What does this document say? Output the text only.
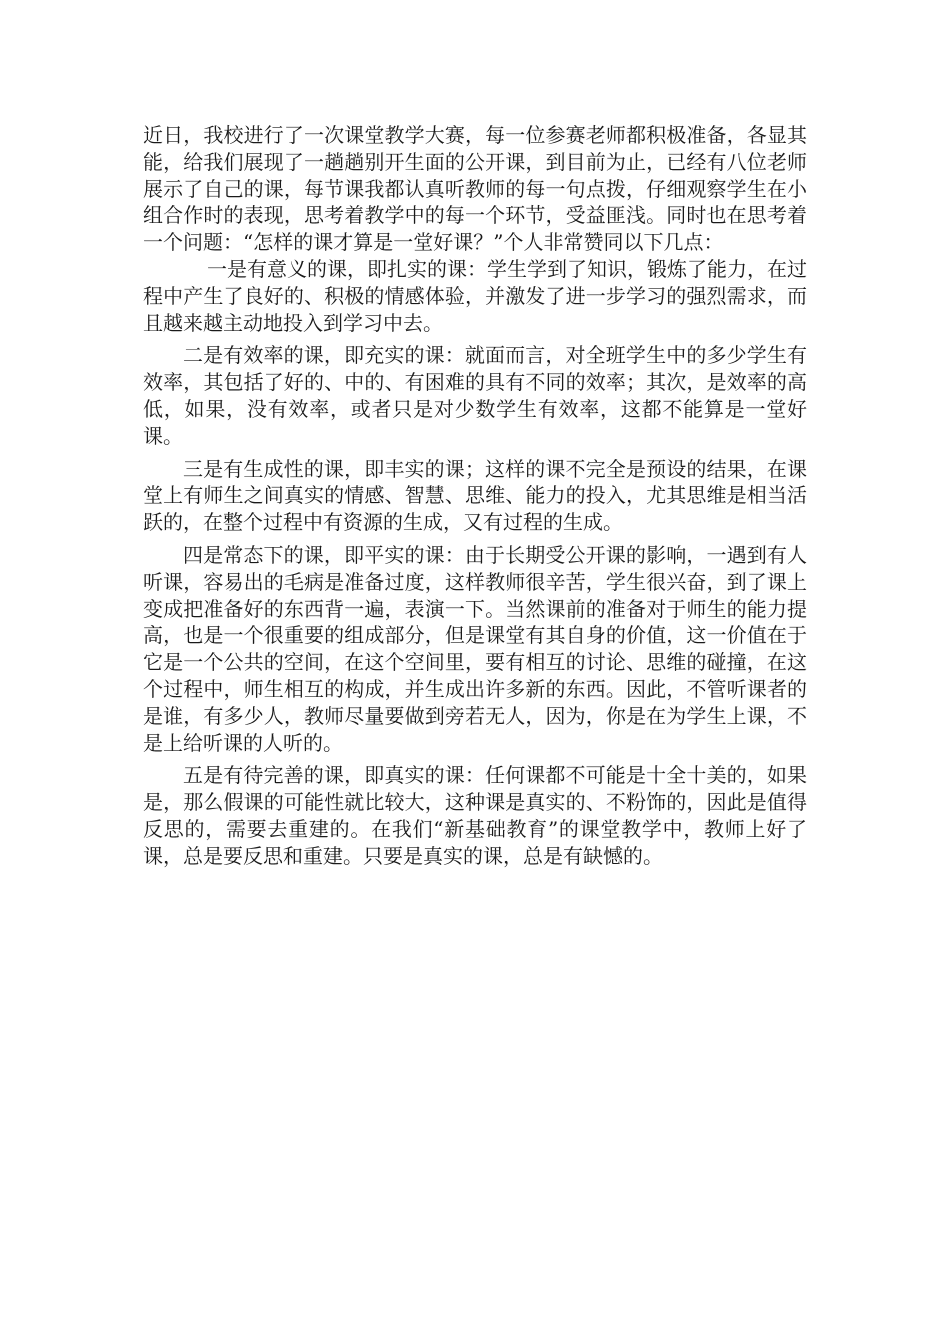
近日，我校进行了一次课堂教学大赛，每一位参赛老师都积极准备，各显其能，给我们展现了一趟趟别开生面的公开课，到目前为止，已经有八位老师展示了自己的课，每节课我都认真听教师的每一句点拨，仔细观察学生在小组合作时的表现，思考着教学中的每一个环节，受益匪浅。同时也在思考着一个问题：“怎样的课才算是一堂好课？”个人非常赞同以下几点：

一是有意义的课，即扎实的课：学生学到了知识，锻炼了能力，在过程中产生了良好的、积极的情感体验，并激发了进一步学习的强烈需求，而且越来越主动地投入到学习中去。

二是有效率的课，即充实的课：就面而言，对全班学生中的多少学生有效率，其包括了好的、中的、有困难的具有不同的效率；其次，是效率的高低，如果，没有效率，或者只是对少数学生有效率，这都不能算是一堂好课。

三是有生成性的课，即丰实的课；这样的课不完全是预设的结果，在课堂上有师生之间真实的情感、智慧、思维、能力的投入，尤其思维是相当活跃的，在整个过程中有资源的生成，又有过程的生成。

四是常态下的课，即平实的课：由于长期受公开课的影响，一遇到有人听课，容易出的毛病是准备过度，这样教师很辛苦，学生很兴奋，到了课上变成把准备好的东西背一遍，表演一下。当然课前的准备对于师生的能力提高，也是一个很重要的组成部分，但是课堂有其自身的价值，这一价值在于它是一个公共的空间，在这个空间里，要有相互的讨论、思维的碰撞，在这个过程中，师生相互的构成，并生成出许多新的东西。因此，不管听课者的是谁，有多少人，教师尽量要做到旁若无人，因为，你是在为学生上课，不是上给听课的人听的。

五是有待完善的课，即真实的课：任何课都不可能是十全十美的，如果是，那么假课的可能性就比较大，这种课是真实的、不粉饰的，因此是值得反思的，需要去重建的。在我们“新基础教育”的课堂教学中，教师上好了课，总是要反思和重建。只要是真实的课，总是有缺憾的。
